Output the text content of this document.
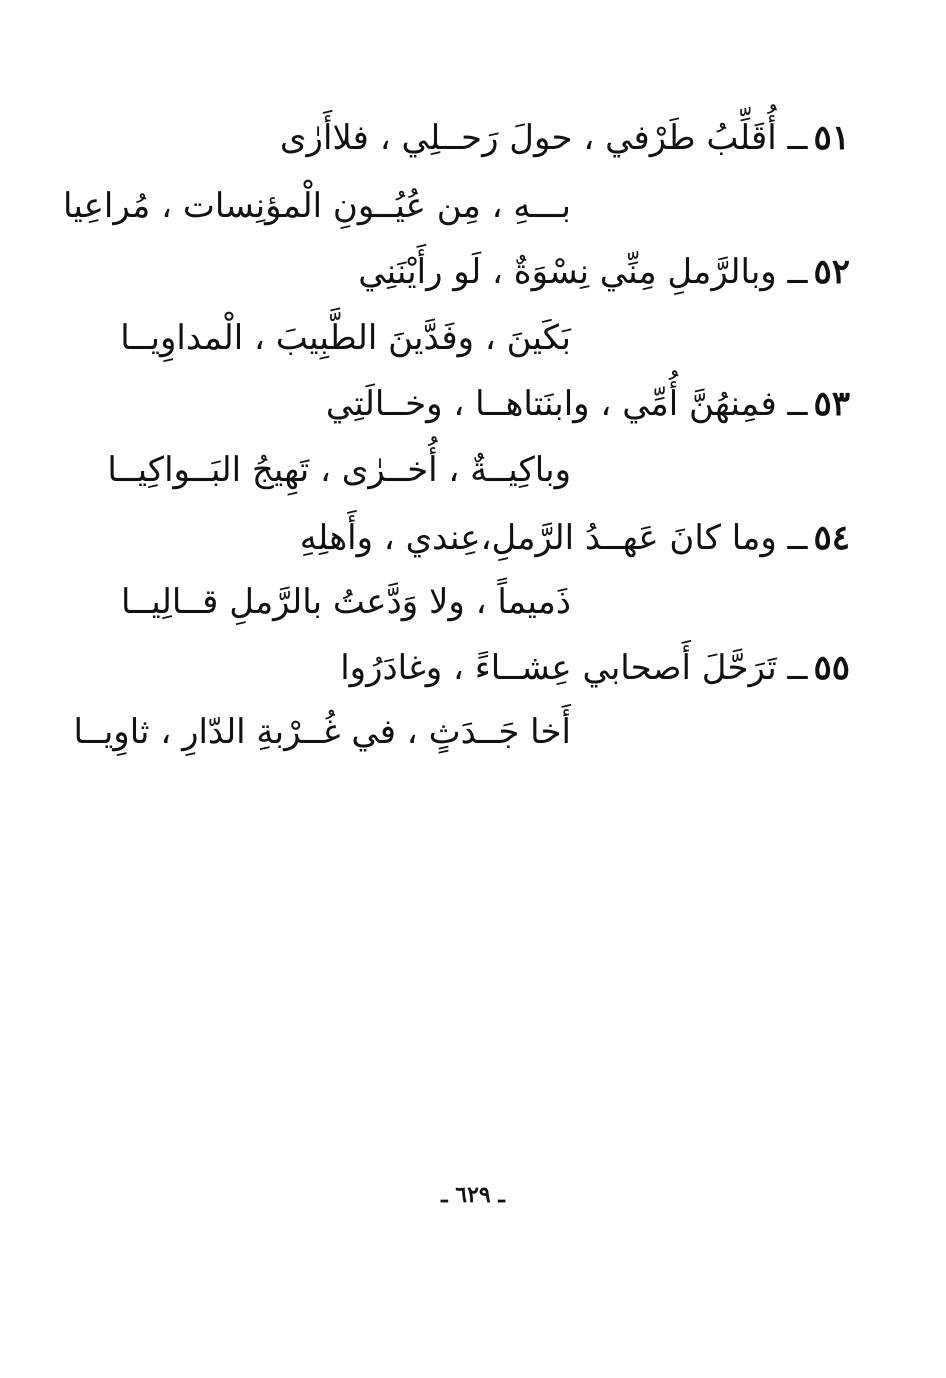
٥١ــ أُقَلِّبُ طَرْفي ، حولَ رَحــلِي ، فلاأَرٰى
بـــهِ ، مِن عُيُــونِ الْمؤنِسات ، مُراعِيا
٥٢ــ وبالرَّملِ مِنِّي نِسْوَةٌ ، لَو رأَيْنَنِي
بَكَينَ ، وفَدَّينَ الطَّبِيبَ ، الْمداوِيــا
٥٣ــ فمِنهُنَّ أُمِّي ، وابنَتاهــا ، وخــالَتِي
وباكِيــةٌ ، أُخــرٰى ، تَهِيجُ البَــواكِيــا
٥٤ــ وما كانَ عَهــدُ الرَّملِ،عِندي ، وأَهلِهِ
ذَميماً ، ولا وَدَّعتُ بالرَّملِ قــالِيــا
٥٥ــ تَرَحَّلَ أَصحابي عِشــاءً ، وغادَرُوا
أَخا جَــدَثٍ ، في غُــرْبةِ الدّارِ ، ثاوِيــا
ـ ٦٢٩ ـ
